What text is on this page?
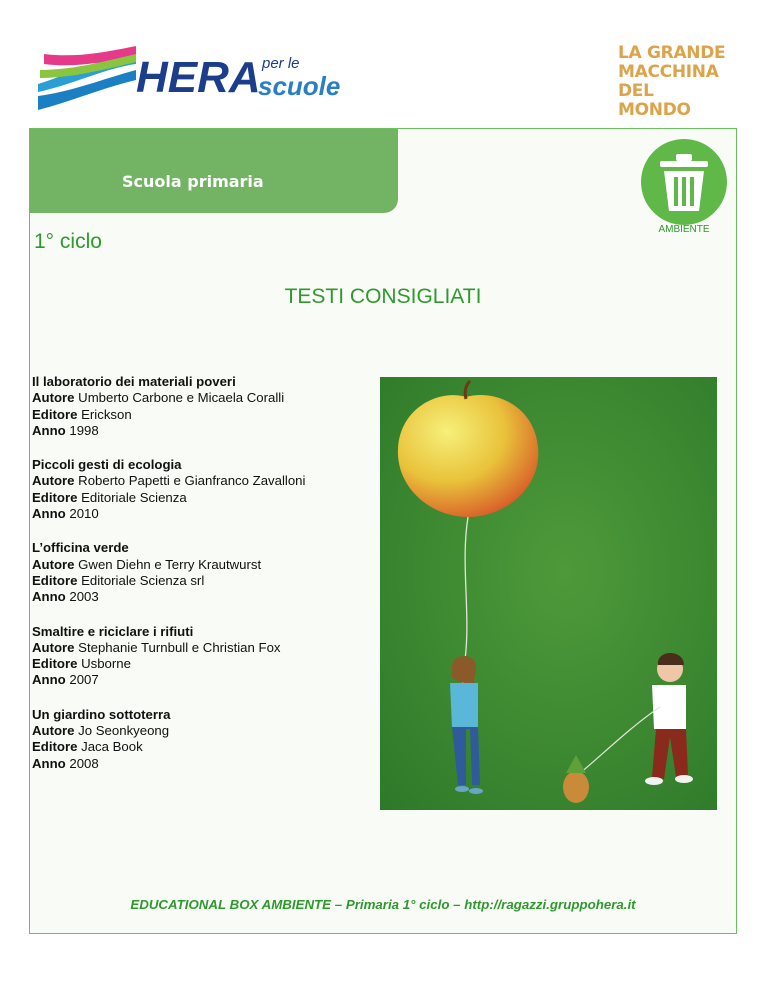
HERA per le
scuole
LA GRANDE
MACCHINA
DEL MONDO
Scuola primaria
AMBIENTE
1° ciclo
TESTI CONSIGLIATI
Il laboratorio dei materiali poveri
Autore Umberto Carbone e Micaela Coralli
Editore Erickson
Anno 1998
Piccoli gesti di ecologia
Autore Roberto Papetti e Gianfranco Zavalloni
Editore Editoriale Scienza
Anno 2010
L’officina verde
Autore Gwen Diehn e Terry Krautwurst
Editore Editoriale Scienza srl
Anno 2003
Smaltire e riciclare i rifiuti
Autore Stephanie Turnbull e Christian Fox
Editore Usborne
Anno 2007
Un giardino sottoterra
Autore Jo Seonkyeong
Editore Jaca Book
Anno 2008
EDUCATIONAL BOX AMBIENTE – Primaria 1° ciclo – http://ragazzi.gruppohera.it
